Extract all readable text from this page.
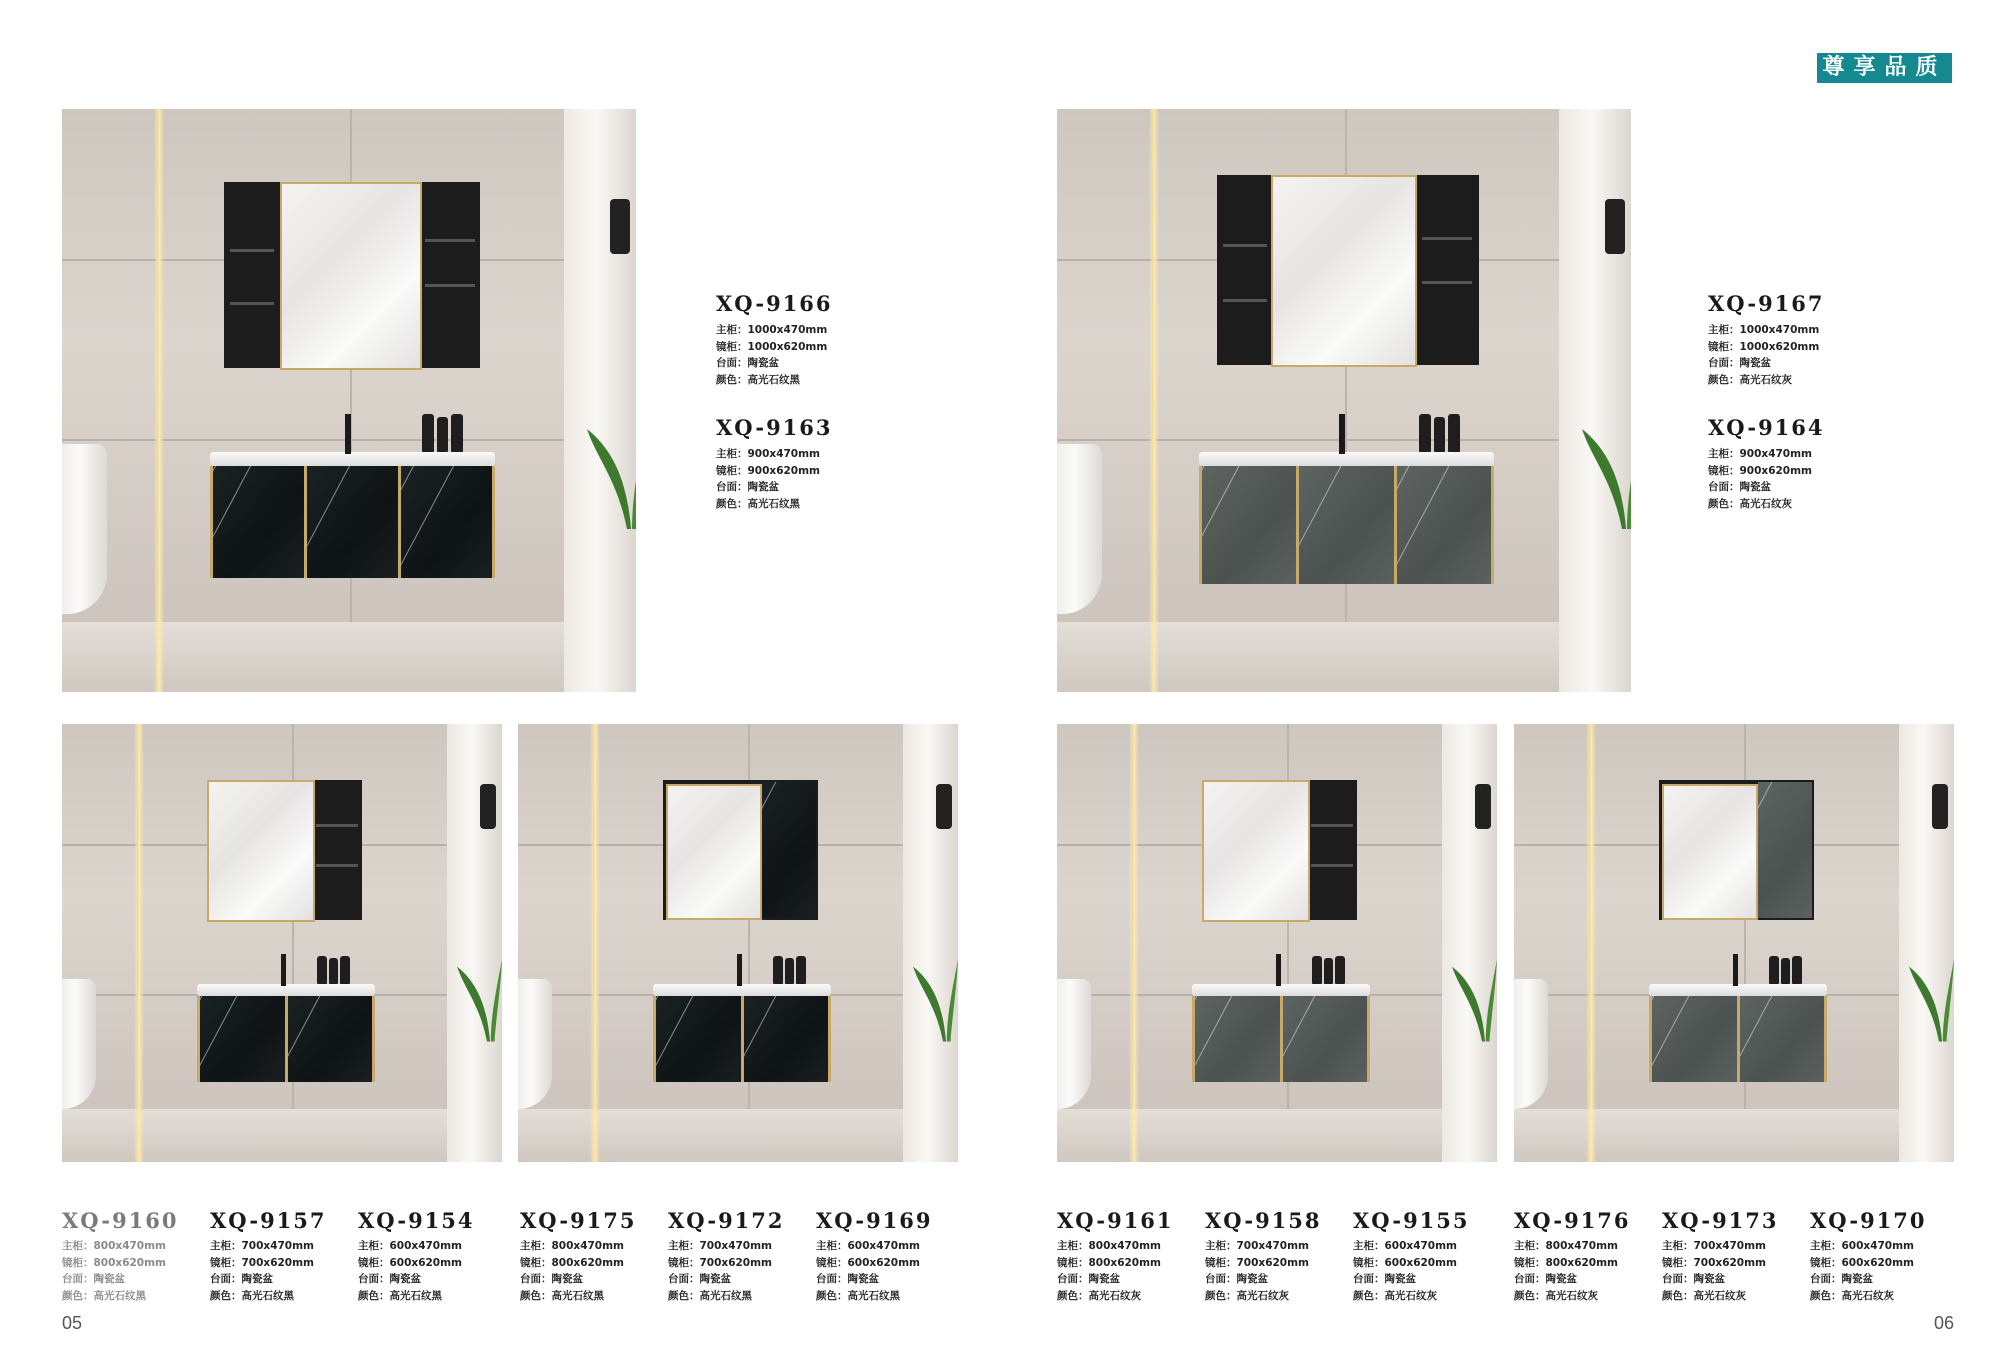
尊享品质
XQ-9166
主柜：1000x470mm
镜柜：1000x620mm
台面：陶瓷盆
颜色：高光石纹黑
XQ-9163
主柜：900x470mm
镜柜：900x620mm
台面：陶瓷盆
颜色：高光石纹黑
XQ-9167
主柜：1000x470mm
镜柜：1000x620mm
台面：陶瓷盆
颜色：高光石纹灰
XQ-9164
主柜：900x470mm
镜柜：900x620mm
台面：陶瓷盆
颜色：高光石纹灰
XQ-9160
主柜：800x470mm
镜柜：800x620mm
台面：陶瓷盆
颜色：高光石纹黑
XQ-9157
主柜：700x470mm
镜柜：700x620mm
台面：陶瓷盆
颜色：高光石纹黑
XQ-9154
主柜：600x470mm
镜柜：600x620mm
台面：陶瓷盆
颜色：高光石纹黑
XQ-9175
主柜：800x470mm
镜柜：800x620mm
台面：陶瓷盆
颜色：高光石纹黑
XQ-9172
主柜：700x470mm
镜柜：700x620mm
台面：陶瓷盆
颜色：高光石纹黑
XQ-9169
主柜：600x470mm
镜柜：600x620mm
台面：陶瓷盆
颜色：高光石纹黑
XQ-9161
主柜：800x470mm
镜柜：800x620mm
台面：陶瓷盆
颜色：高光石纹灰
XQ-9158
主柜：700x470mm
镜柜：700x620mm
台面：陶瓷盆
颜色：高光石纹灰
XQ-9155
主柜：600x470mm
镜柜：600x620mm
台面：陶瓷盆
颜色：高光石纹灰
XQ-9176
主柜：800x470mm
镜柜：800x620mm
台面：陶瓷盆
颜色：高光石纹灰
XQ-9173
主柜：700x470mm
镜柜：700x620mm
台面：陶瓷盆
颜色：高光石纹灰
XQ-9170
主柜：600x470mm
镜柜：600x620mm
台面：陶瓷盆
颜色：高光石纹灰
05	06
